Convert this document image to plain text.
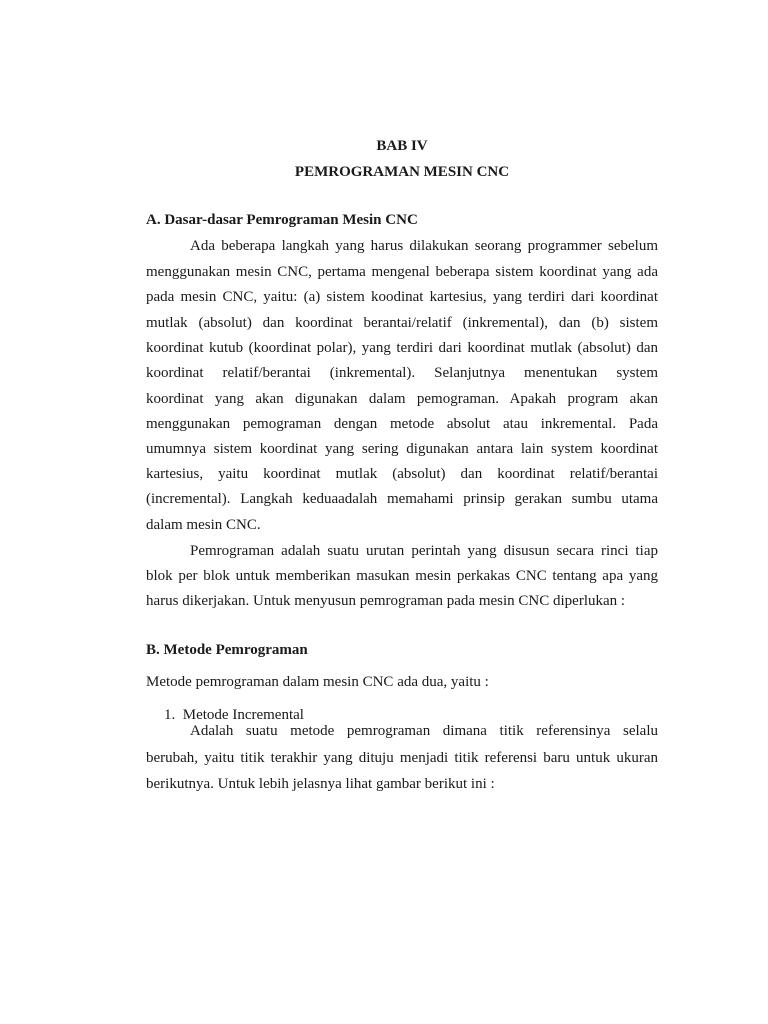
BAB IV
PEMROGRAMAN MESIN CNC
A. Dasar-dasar Pemrograman Mesin CNC
Ada beberapa langkah yang harus dilakukan seorang programmer sebelum
menggunakan mesin CNC, pertama mengenal beberapa sistem koordinat yang ada
pada mesin CNC, yaitu: (a) sistem koodinat kartesius, yang terdiri dari koordinat
mutlak (absolut) dan koordinat berantai/relatif (inkremental), dan (b) sistem
koordinat kutub (koordinat polar), yang terdiri dari koordinat mutlak (absolut) dan
koordinat relatif/berantai (inkremental). Selanjutnya menentukan system
koordinat yang akan digunakan dalam pemograman. Apakah program akan
menggunakan pemograman dengan metode absolut atau inkremental. Pada
umumnya sistem koordinat yang sering digunakan antara lain system koordinat
kartesius, yaitu koordinat mutlak (absolut) dan koordinat relatif/berantai
(incremental). Langkah keduaadalah memahami prinsip gerakan sumbu utama
dalam mesin CNC.
Pemrograman adalah suatu urutan perintah yang disusun secara rinci tiap
blok per blok untuk memberikan masukan mesin perkakas CNC tentang apa yang
harus dikerjakan. Untuk menyusun pemrograman pada mesin CNC diperlukan :
B. Metode Pemrograman
Metode pemrograman dalam mesin CNC ada dua, yaitu :
1.  Metode Incremental
Adalah suatu metode pemrograman dimana titik referensinya selalu
berubah, yaitu titik terakhir yang dituju menjadi titik referensi baru untuk ukuran
berikutnya. Untuk lebih jelasnya lihat gambar berikut ini :
